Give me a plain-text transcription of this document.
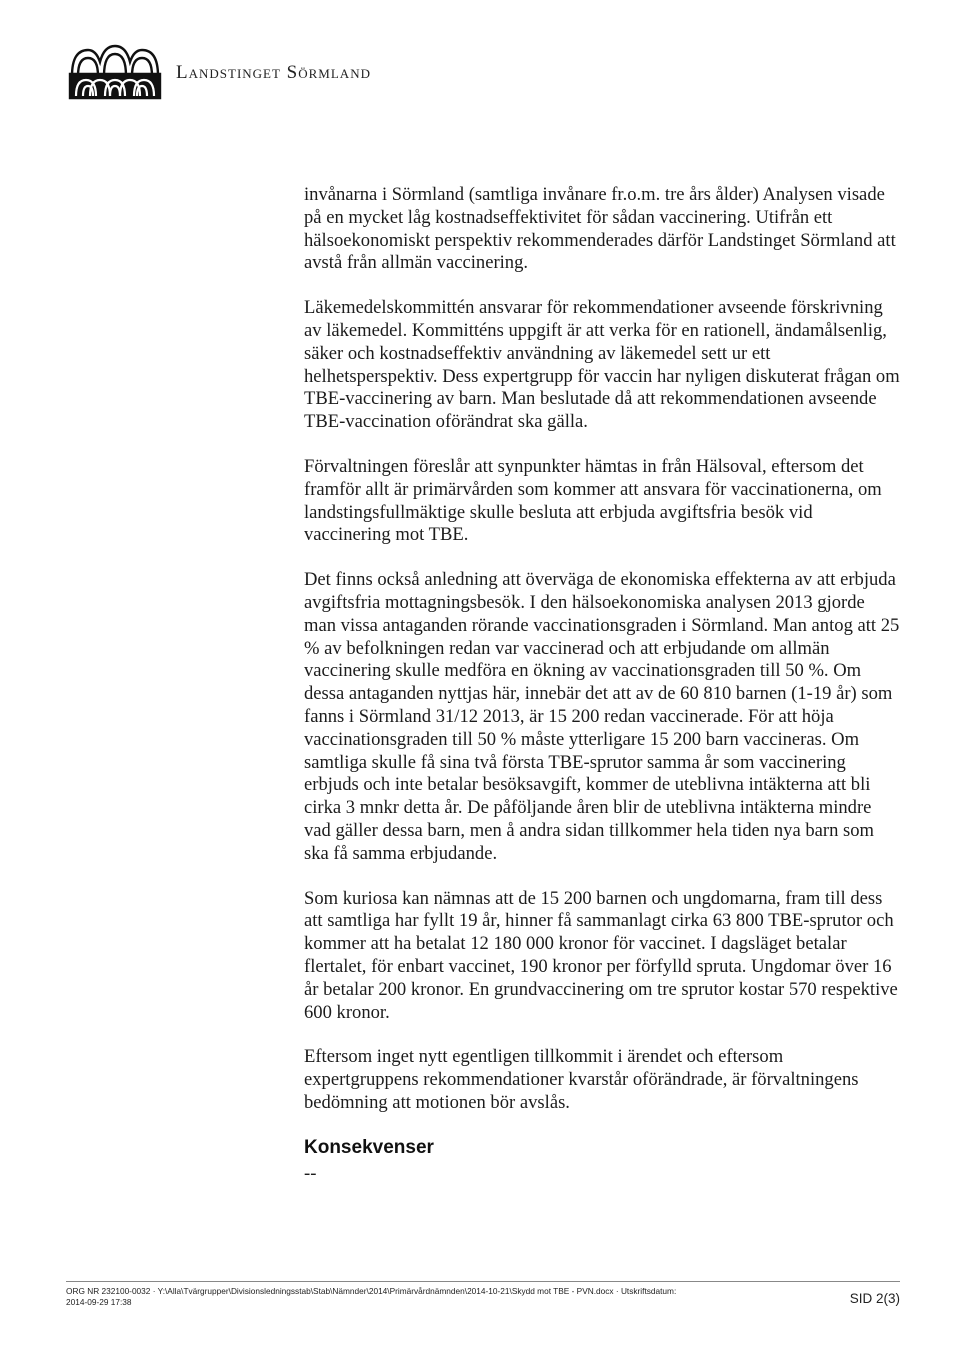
Landstinget Sörmland

invånarna i Sörmland (samtliga invånare fr.o.m. tre års ålder) Analysen visade på en mycket låg kostnadseffektivitet för sådan vaccinering. Utifrån ett hälsoekonomiskt perspektiv rekommenderades därför Landstinget Sörmland att avstå från allmän vaccinering.

Läkemedelskommittén ansvarar för rekommendationer avseende förskrivning av läkemedel. Kommitténs uppgift är att verka för en rationell, ändamålsenlig, säker och kostnadseffektiv användning av läkemedel sett ur ett helhetsperspektiv. Dess expertgrupp för vaccin har nyligen diskuterat frågan om TBE-vaccinering av barn. Man beslutade då att rekommendationen avseende TBE-vaccination oförändrat ska gälla.

Förvaltningen föreslår att synpunkter hämtas in från Hälsoval, eftersom det framför allt är primärvården som kommer att ansvara för vaccinationerna, om landstingsfullmäktige skulle besluta att erbjuda avgiftsfria besök vid vaccinering mot TBE.

Det finns också anledning att överväga de ekonomiska effekterna av att erbjuda avgiftsfria mottagningsbesök. I den hälsoekonomiska analysen 2013 gjorde man vissa antaganden rörande vaccinationsgraden i Sörmland. Man antog att 25 % av befolkningen redan var vaccinerad och att erbjudande om allmän vaccinering skulle medföra en ökning av vaccinationsgraden till 50 %. Om dessa antaganden nyttjas här, innebär det att av de 60 810 barnen (1-19 år) som fanns i Sörmland 31/12 2013, är 15 200 redan vaccinerade. För att höja vaccinationsgraden till 50 % måste ytterligare 15 200 barn vaccineras. Om samtliga skulle få sina två första TBE-sprutor samma år som vaccinering erbjuds och inte betalar besöksavgift, kommer de uteblivna intäkterna att bli cirka 3 mnkr detta år. De påföljande åren blir de uteblivna intäkterna mindre vad gäller dessa barn, men å andra sidan tillkommer hela tiden nya barn som ska få samma erbjudande.

Som kuriosa kan nämnas att de 15 200 barnen och ungdomarna, fram till dess att samtliga har fyllt 19 år, hinner få sammanlagt cirka 63 800 TBE-sprutor och kommer att ha betalat 12 180 000 kronor för vaccinet. I dagsläget betalar flertalet, för enbart vaccinet, 190 kronor per förfylld spruta. Ungdomar över 16 år betalar 200 kronor. En grundvaccinering om tre sprutor kostar 570 respektive 600 kronor.

Eftersom inget nytt egentligen tillkommit i ärendet och eftersom expertgruppens rekommendationer kvarstår oförändrade, är förvaltningens bedömning att motionen bör avslås.

Konsekvenser

--

ORG NR 232100-0032 · Y:\Alla\Tvärgrupper\Divisionsledningsstab\Stab\Nämnder\2014\Primärvårdnämnden\2014-10-21\Skydd mot TBE - PVN.docx · Utskriftsdatum:
2014-09-29 17:38	SID 2(3)
